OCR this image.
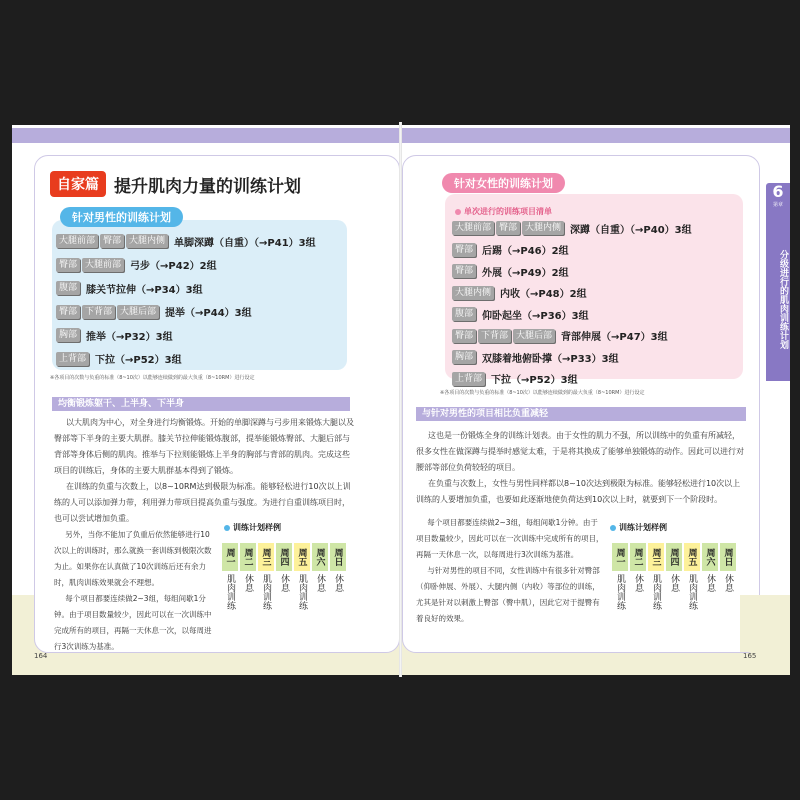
自家篇 提升肌肉力量的训练计划
针对男性的训练计划
大腿前部 臀部 大腿内侧 单脚深蹲（自重）（→P41）3组
臀部 大腿前部 弓步（→P42）2组
腹部 膝关节拉伸（→P34）3组
臀部 下背部 大腿后部 提举（→P44）3组
胸部 推举（→P32）3组
上背部 下拉（→P52）3组
※各项目的次数与负重的标准（8~10次）以能够连续做到的最大负重（8~10RM）进行设定
针对女性的训练计划
单次进行的训练项目清单
大腿前部 臀部 大腿内侧 深蹲（自重）（→P40）3组
臀部 后踢（→P46）2组
臀部 外展（→P49）2组
大腿内侧 内收（→P48）2组
腹部 仰卧起坐（→P36）3组
臀部 下背部 大腿后部 背部伸展（→P47）3组
胸部 双膝着地俯卧撑（→P33）3组
上背部 下拉（→P52）3组
※各项目的次数与负重的标准（8~10次）以能够连续做到的最大负重（8~10RM）进行设定
均衡锻炼躯干、上半身、下半身

以大肌肉为中心，对全身进行均衡锻炼。开始的单脚深蹲与弓步用来锻炼大腿以及臀部等下半身的主要大肌群。膝关节拉伸能锻炼腹部，提举能锻炼臀部、大腿后部与背部等身体后侧的肌肉。推举与下拉则能锻炼上半身的胸部与背部的肌肉。完成这些项目的训练后，身体的主要大肌群基本得到了锻炼。

在训练的负重与次数上，以8~10RM达到极限为标准。能够轻松进行10次以上训练的人可以添加弹力带，利用弹力带项目提高负重与强度。为进行自重训练项目时，也可以尝试增加负重。

另外，当你不能加了负重后依然能够进行10次以上的训练时，那么就换一套训练到极限次数为止。如果你在认真做了10次训练后还有余力时，肌肉训练效果就会不理想。

每个项目都要连续做2~3组，每组间歇1分钟。由于项目数量较少，因此可以在一次训练中完成所有的项目，再隔一天休息一次，以每周进行3次训练为基准。

训练计划样例
周一
肌肉训练
周二
休息
周三
肌肉训练
周四
休息
周五
肌肉训练
周六
休息
周日
休息
164
与针对男性的项目相比负重减轻

这也是一份锻炼全身的训练计划表。由于女性的肌力不强，所以训练中的负重有所减轻，很多女性在做深蹲与提举时感觉太难，于是将其换成了能够单独锻炼的动作。因此可以进行对腰部等部位负荷较轻的项目。

在负重与次数上，女性与男性同样都以8~10次达到极限为标准。能够轻松进行10次以上训练的人要增加负重，也要如此逐渐地使负荷达到10次以上时，就要到下一个阶段时。

每个项目都要连续做2~3组，每组间歇1分钟。由于项目数量较少，因此可以在一次训练中完成所有的项目，再隔一天休息一次，以每周进行3次训练为基准。

与针对男性的项目不同，女性训练中有很多针对臀部（仰卧伸展、外展）、大腿内侧（内收）等部位的训练，尤其是针对以刺激上臀部（臀中肌），因此它对于提臀有着良好的效果。

训练计划样例
周一
肌肉训练
周二
休息
周三
肌肉训练
周四
休息
周五
肌肉训练
周六
休息
周日
休息
165
6
第章
分级进行的肌肉训练计划
